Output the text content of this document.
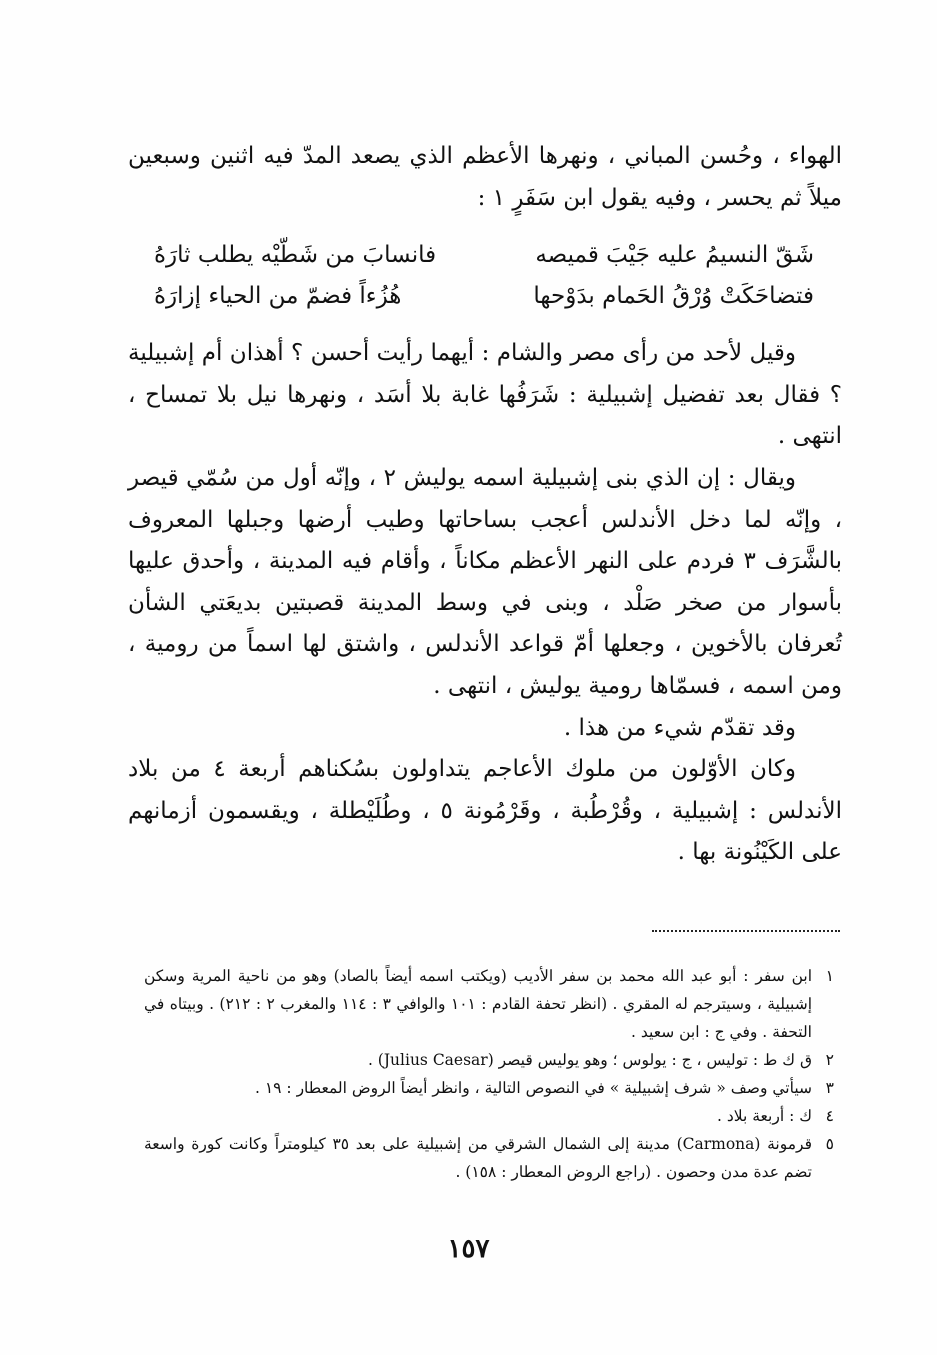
الهواء ، وحُسن المباني ، ونهرها الأعظم الذي يصعد المدّ فيه اثنين وسبعين ميلاً ثم يحسر ، وفيه يقول ابن سَفَرٍ ١ :

شَقّ النسيمُ عليه جَيْبَ قميصه
فانسابَ من شَطّيْه يطلب ثارَهُ
فتضاحَكَتْ وُرْقُ الحَمام بدَوْحها
هُزُءاً فضمّ من الحياء إزارَهُ

وقيل لأحد من رأى مصر والشام : أيهما رأيت أحسن ؟ أهذان أم إشبيلية ؟ فقال بعد تفضيل إشبيلية : شَرَفُها غابة بلا أسَد ، ونهرها نيل بلا تمساح ، انتهى .

ويقال : إن الذي بنى إشبيلية اسمه يوليش ٢ ، وإنّه أول من سُمّي قيصر ، وإنّه لما دخل الأندلس أعجب بساحاتها وطيب أرضها وجبلها المعروف بالشَّرَف ٣ فردم على النهر الأعظم مكاناً ، وأقام فيه المدينة ، وأحدق عليها بأسوار من صخر صَلْد ، وبنى في وسط المدينة قصبتين بديعَتي الشأن تُعرفان بالأخوين ، وجعلها أمّ قواعد الأندلس ، واشتق لها اسماً من رومية ، ومن اسمه ، فسمّاها رومية يوليش ، انتهى .

وقد تقدّم شيء من هذا .

وكان الأوّلون من ملوك الأعاجم يتداولون بسُكناهم أربعة ٤ من بلاد الأندلس : إشبيلية ، وقُرْطُبة ، وقَرْمُونة ٥ ، وطُلَيْطلة ، ويقسمون أزمانهم على الكَيْنُونة بها .

١
ابن سفر : أبو عبد الله محمد بن سفر الأديب (ويكتب اسمه أيضاً بالصاد) وهو من ناحية المرية وسكن إشبيلية ، وسيترجم له المقري . (انظر تحفة القادم : ١٠١ والوافي ٣ : ١١٤ والمغرب ٢ : ٢١٢) . وبيتاه في التحفة . وفي ج : ابن سعيد .
٢
ق ك ط : توليس ، ج : يولوس ؛ وهو يوليس قيصر (Julius Caesar) .
٣
سيأتي وصف « شرف إشبيلية » في النصوص التالية ، وانظر أيضاً الروض المعطار : ١٩ .
٤
ك : أربعة بلاد .
٥
قرمونة (Carmona) مدينة إلى الشمال الشرقي من إشبيلية على بعد ٣٥ كيلومتراً وكانت كورة واسعة تضم عدة مدن وحصون . (راجع الروض المعطار : ١٥٨) .
١٥٧
